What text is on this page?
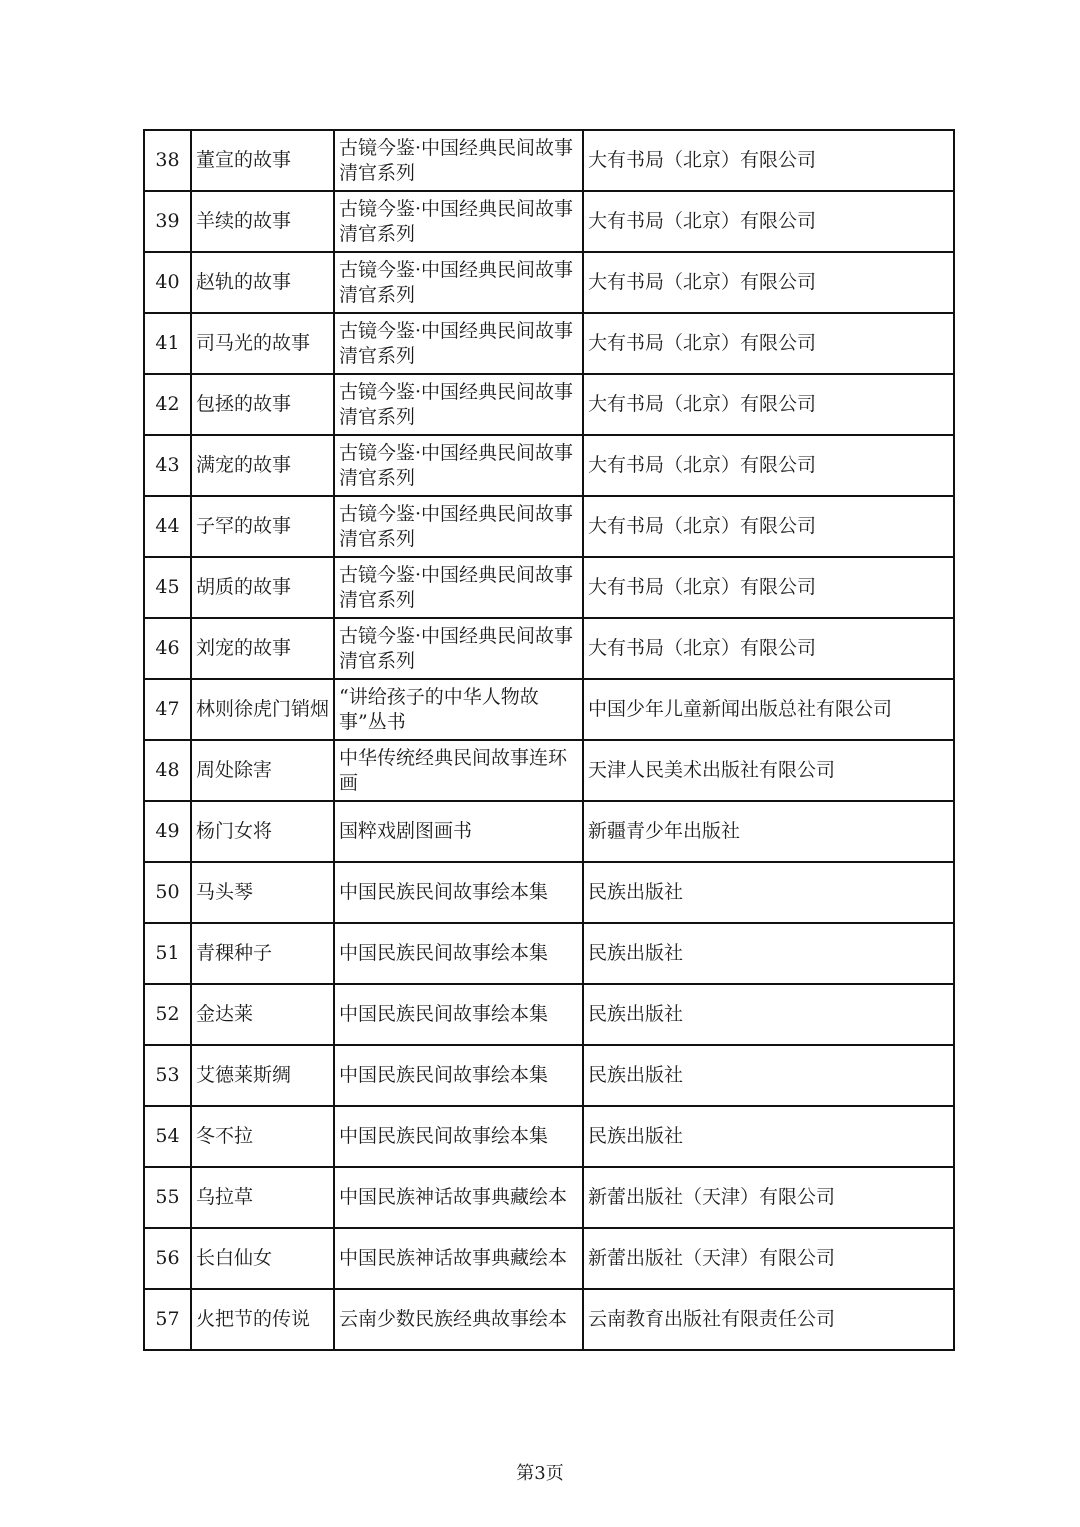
38	董宣的故事	古镜今鉴·中国经典民间故事清官系列	大有书局（北京）有限公司
39	羊续的故事	古镜今鉴·中国经典民间故事清官系列	大有书局（北京）有限公司
40	赵轨的故事	古镜今鉴·中国经典民间故事清官系列	大有书局（北京）有限公司
41	司马光的故事	古镜今鉴·中国经典民间故事清官系列	大有书局（北京）有限公司
42	包拯的故事	古镜今鉴·中国经典民间故事清官系列	大有书局（北京）有限公司
43	满宠的故事	古镜今鉴·中国经典民间故事清官系列	大有书局（北京）有限公司
44	子罕的故事	古镜今鉴·中国经典民间故事清官系列	大有书局（北京）有限公司
45	胡质的故事	古镜今鉴·中国经典民间故事清官系列	大有书局（北京）有限公司
46	刘宠的故事	古镜今鉴·中国经典民间故事清官系列	大有书局（北京）有限公司
47	林则徐虎门销烟	“讲给孩子的中华人物故事”丛书	中国少年儿童新闻出版总社有限公司
48	周处除害	中华传统经典民间故事连环画	天津人民美术出版社有限公司
49	杨门女将	国粹戏剧图画书	新疆青少年出版社
50	马头琴	中国民族民间故事绘本集	民族出版社
51	青稞种子	中国民族民间故事绘本集	民族出版社
52	金达莱	中国民族民间故事绘本集	民族出版社
53	艾德莱斯绸	中国民族民间故事绘本集	民族出版社
54	冬不拉	中国民族民间故事绘本集	民族出版社
55	乌拉草	中国民族神话故事典藏绘本	新蕾出版社（天津）有限公司
56	长白仙女	中国民族神话故事典藏绘本	新蕾出版社（天津）有限公司
57	火把节的传说	云南少数民族经典故事绘本	云南教育出版社有限责任公司
第3页
